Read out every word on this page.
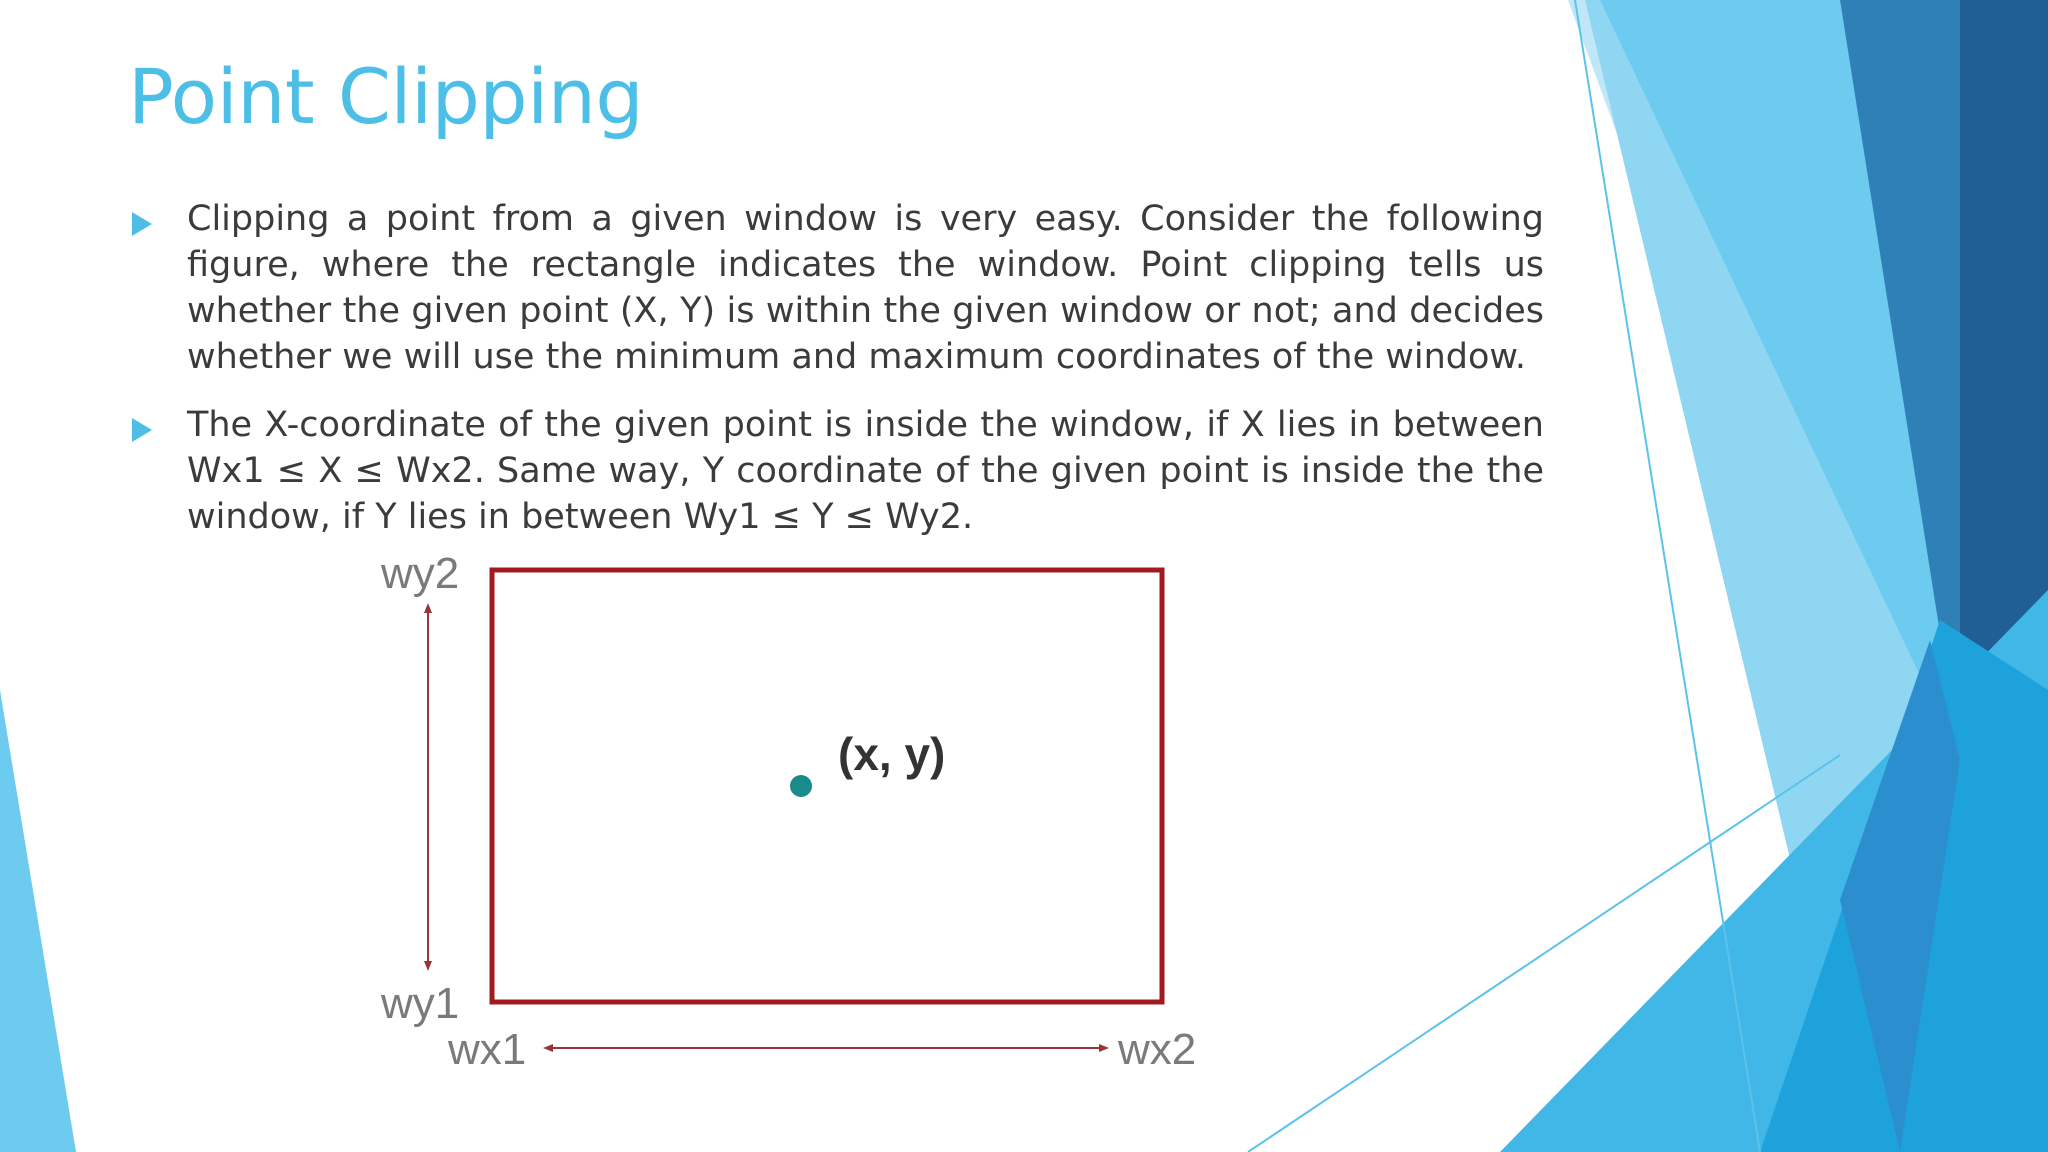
Point Clipping
Clipping a point from a given window is very easy. Consider the following figure, where the rectangle indicates the window. Point clipping tells us whether the given point (X, Y) is within the given window or not; and decides whether we will use the minimum and maximum coordinates of the window.
The X-coordinate of the given point is inside the window, if X lies in between Wx1 ≤ X ≤ Wx2. Same way, Y coordinate of the given point is inside the the window, if Y lies in between Wy1 ≤ Y ≤ Wy2.
(x, y)
wy2
wy1
wx1	wx2
